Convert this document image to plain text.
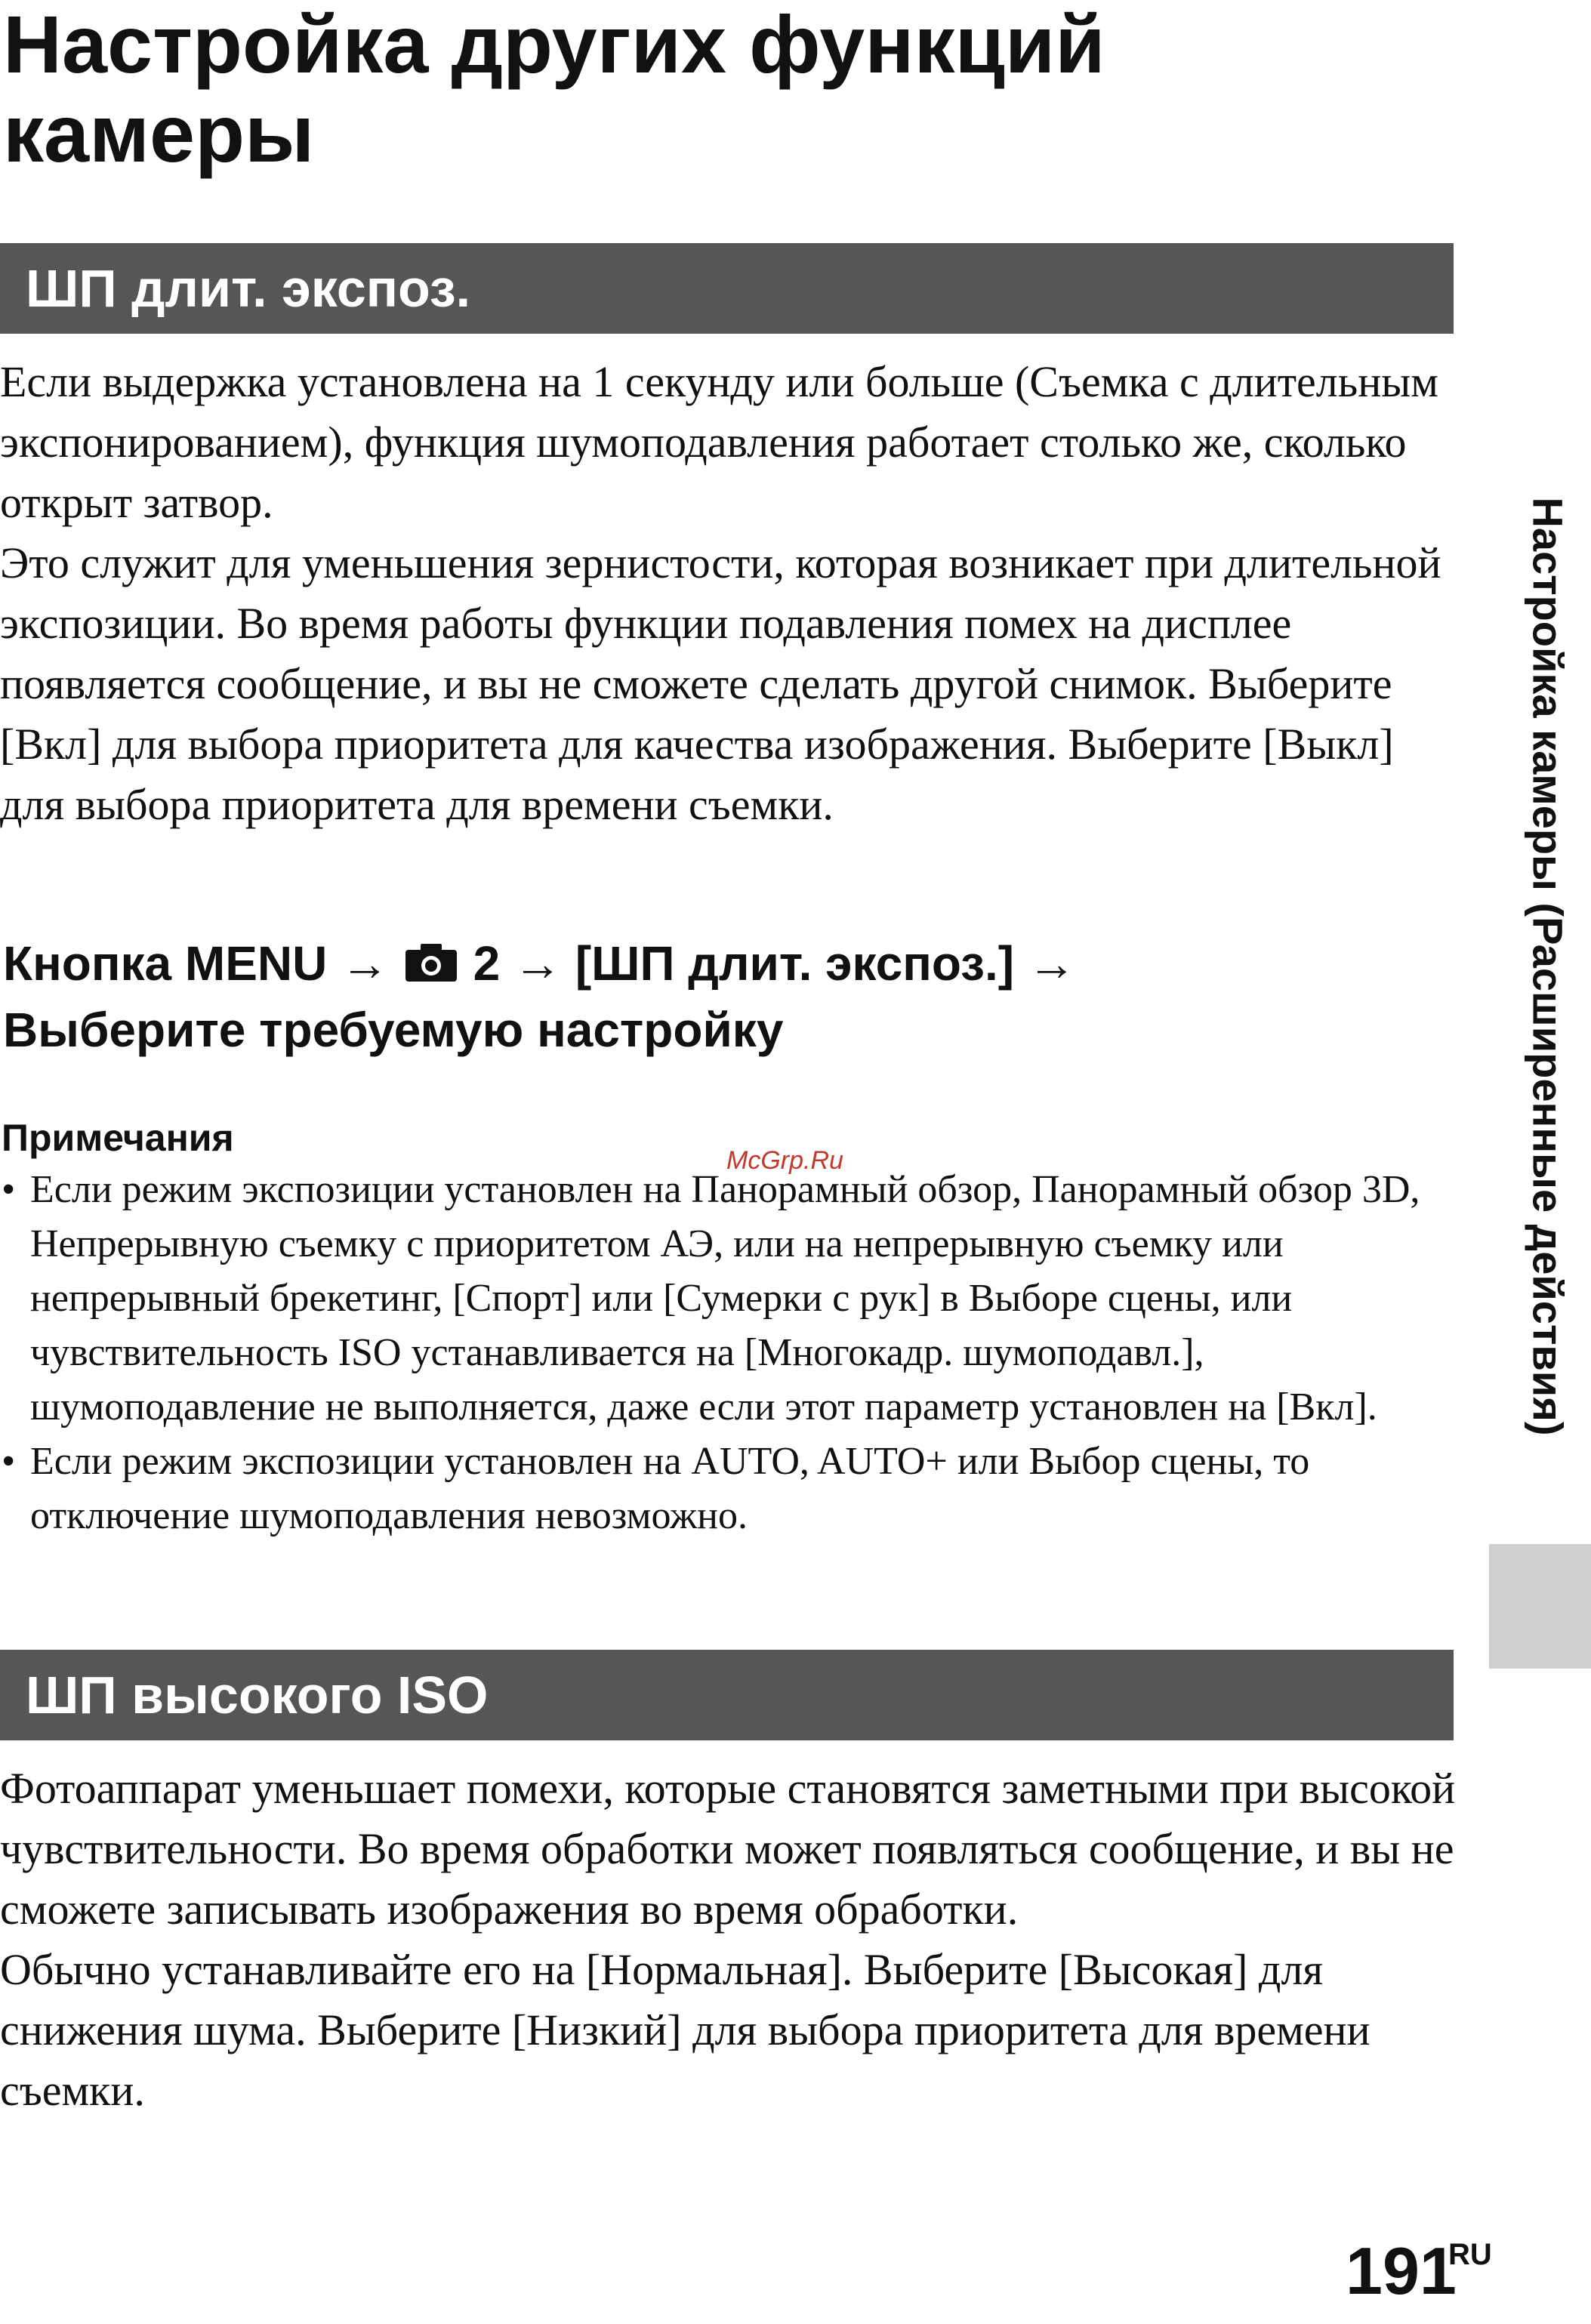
Настройка других функций камеры
ШП длит. экспоз.

Если выдержка установлена на 1 секунду или больше (Съемка с длительным экспонированием), функция шумоподавления работает столько же, сколько открыт затвор.

Это служит для уменьшения зернистости, которая возникает при длительной экспозиции. Во время работы функции подавления помех на дисплее появляется сообщение, и вы не сможете сделать другой снимок. Выберите [Вкл] для выбора приоритета для качества изображения. Выберите [Выкл] для выбора приоритета для времени съемки.

Кнопка MENU → 2 → [ШП длит. экспоз.] →
Выберите требуемую настройку
Примечания
• Если режим экспозиции установлен на Панорамный обзор, Панорамный обзор 3D, Непрерывную съемку с приоритетом АЭ, или на непрерывную съемку или непрерывный брекетинг, [Спорт] или [Сумерки с рук] в Выборе сцены, или чувствительность ISO устанавливается на [Многокадр. шумоподавл.], шумоподавление не выполняется, даже если этот параметр установлен на [Вкл].
• Если режим экспозиции установлен на AUTO, AUTO+ или Выбор сцены, то отключение шумоподавления невозможно.
McGrp.Ru
ШП высокого ISO

Фотоаппарат уменьшает помехи, которые становятся заметными при высокой чувствительности. Во время обработки может появляться сообщение, и вы не сможете записывать изображения во время обработки.

Обычно устанавливайте его на [Нормальная]. Выберите [Высокая] для снижения шума. Выберите [Низкий] для выбора приоритета для времени съемки.

Настройка камеры (Расширенные действия)
191
RU
